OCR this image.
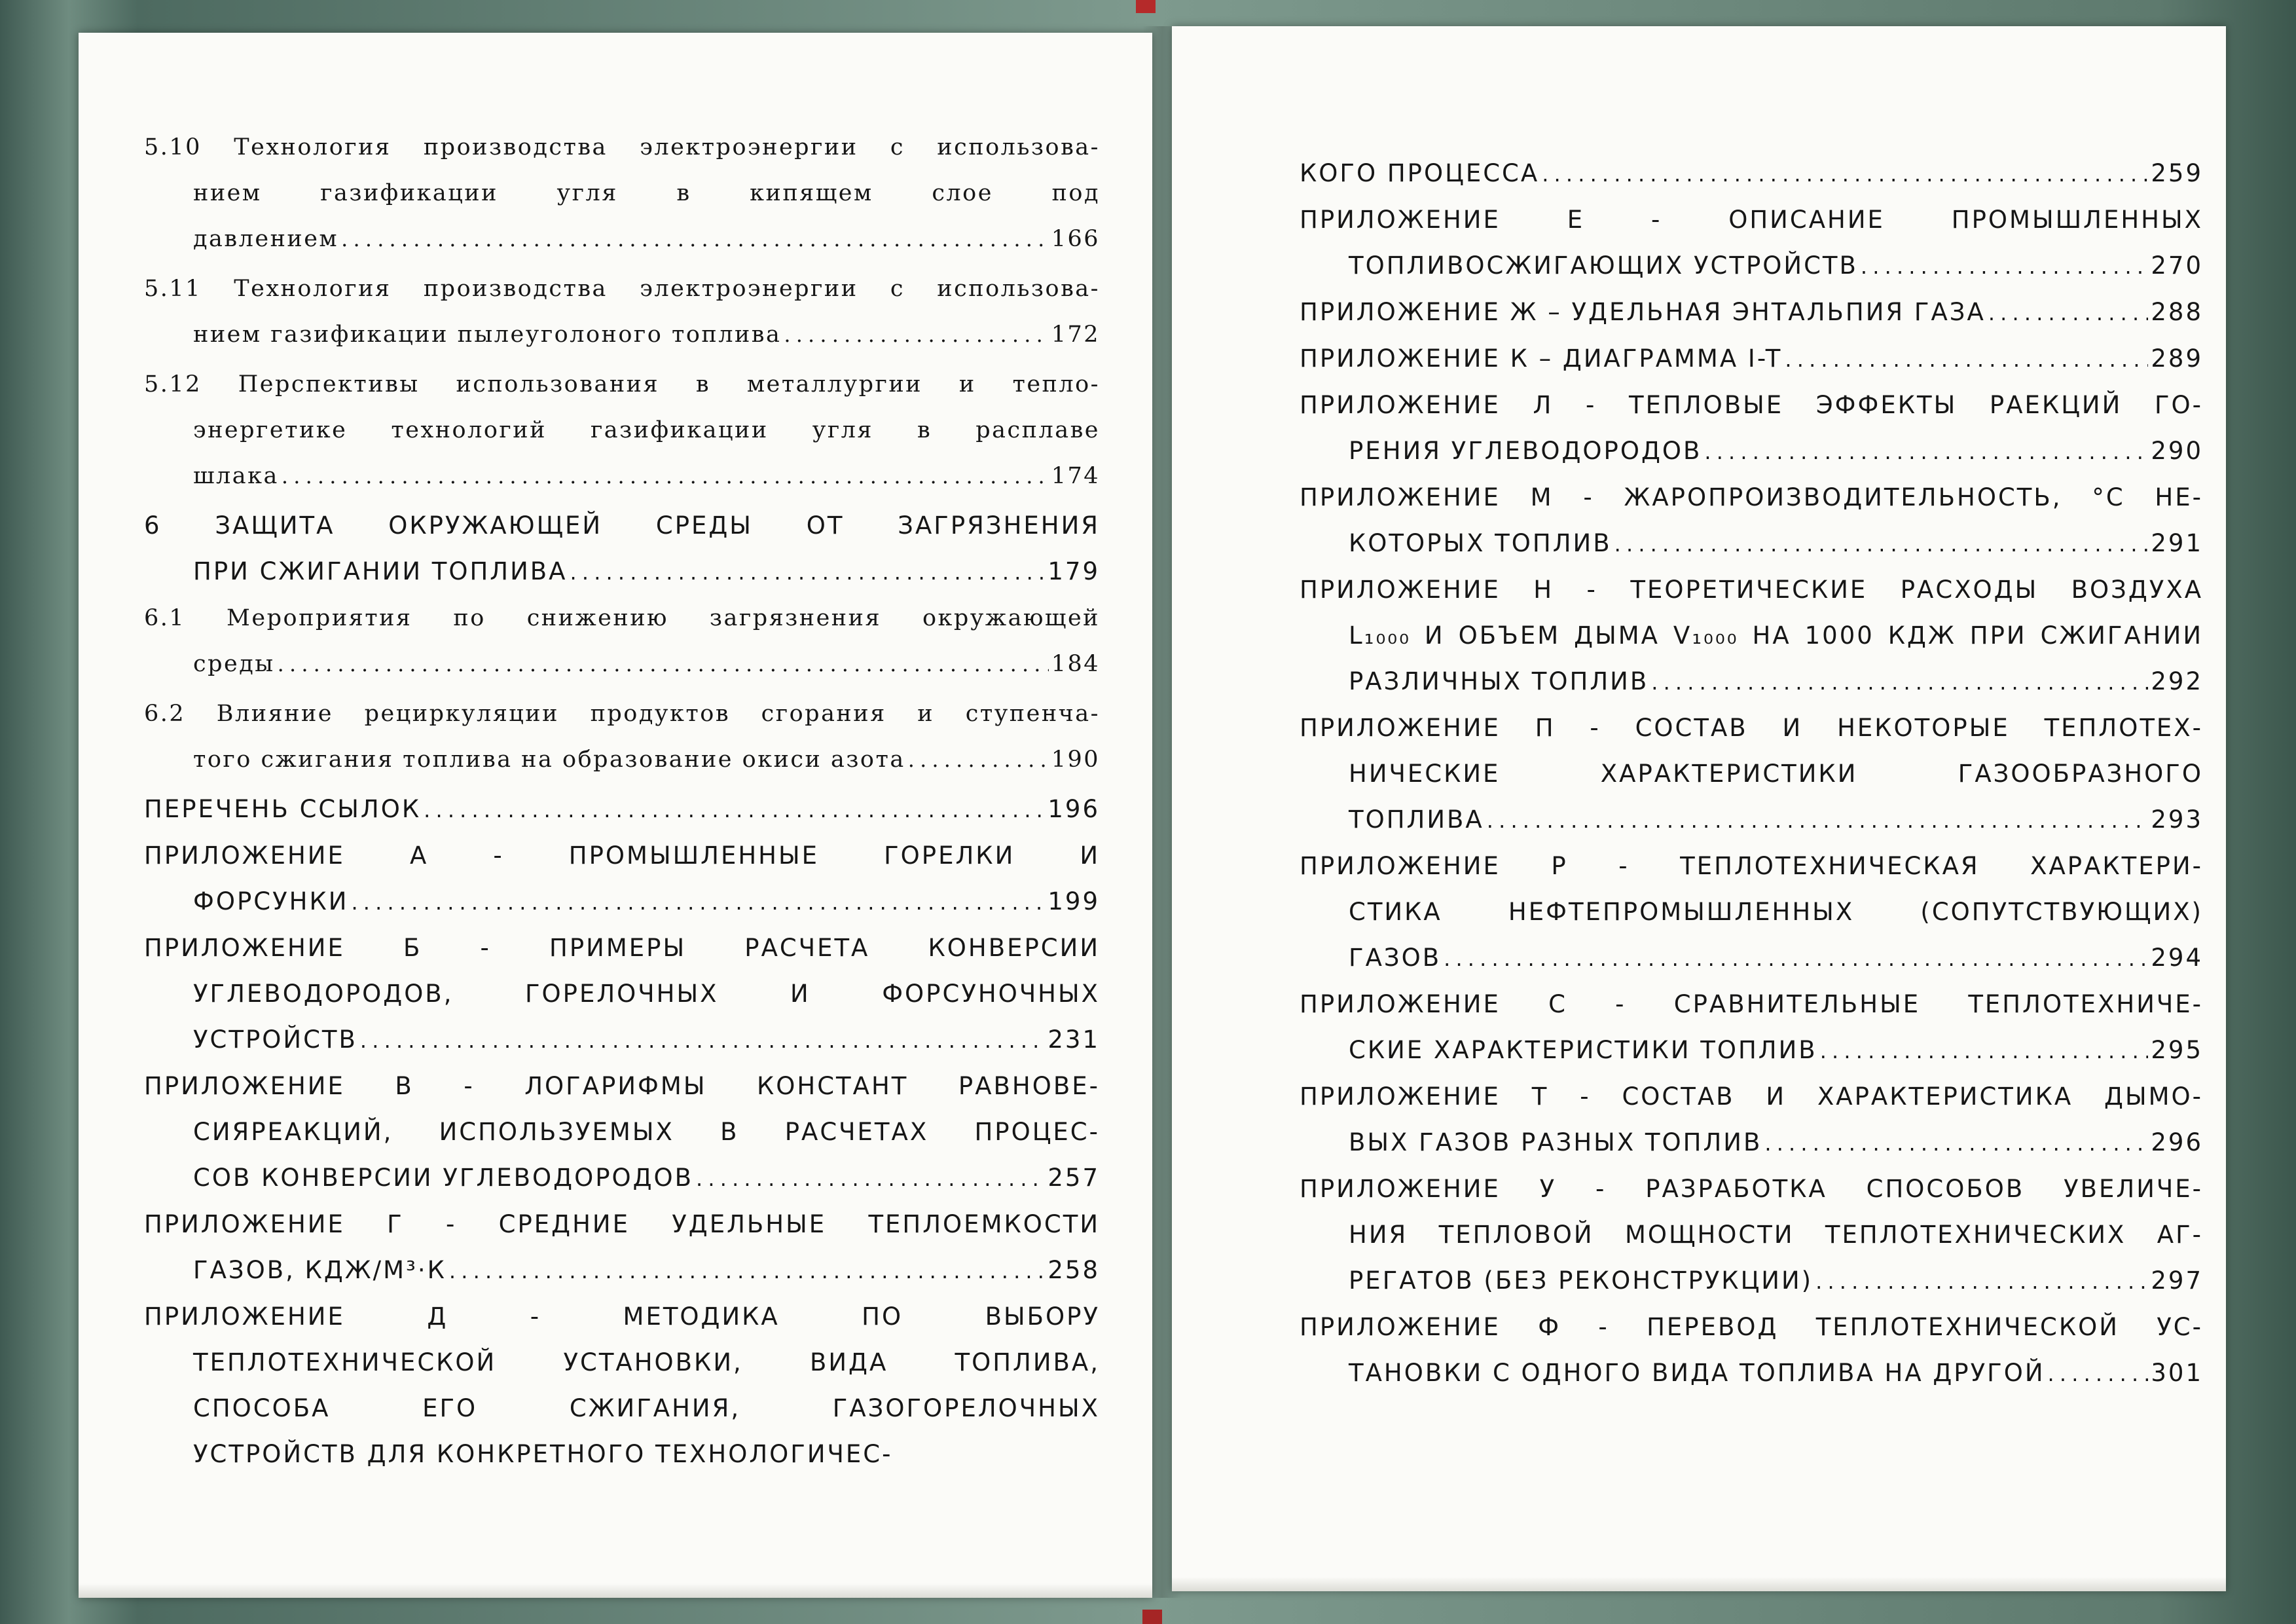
5.10 Технология производства электроэнергии с использова-
нием газификации угля в кипящем слое под
давлением . . .	166
5.11 Технология производства электроэнергии с использова-
нием газификации пылеуголоного топлива . . .	172
5.12 Перспективы использования в металлургии и тепло-
энергетике технологий газификации угля в расплаве
шлака . . .	174
6 ЗАЩИТА ОКРУЖАЮЩЕЙ СРЕДЫ ОТ ЗАГРЯЗНЕНИЯ
ПРИ СЖИГАНИИ ТОПЛИВА . . .	179
6.1 Мероприятия по снижению загрязнения окружающей
среды . . .	184
6.2 Влияние рециркуляции продуктов сгорания и ступенча-
того сжигания топлива на образование окиси азота . . .	190
ПЕРЕЧЕНЬ ССЫЛОК . . .	196
ПРИЛОЖЕНИЕ А - ПРОМЫШЛЕННЫЕ ГОРЕЛКИ И
ФОРСУНКИ . . .	199
ПРИЛОЖЕНИЕ Б - ПРИМЕРЫ РАСЧЕТА КОНВЕРСИИ
УГЛЕВОДОРОДОВ, ГОРЕЛОЧНЫХ И ФОРСУНОЧНЫХ
УСТРОЙСТВ . . .	231
ПРИЛОЖЕНИЕ В - ЛОГАРИФМЫ КОНСТАНТ РАВНОВЕ-
СИЯРЕАКЦИЙ, ИСПОЛЬЗУЕМЫХ В РАСЧЕТАХ ПРОЦЕС-
СОВ КОНВЕРСИИ УГЛЕВОДОРОДОВ . . .	257
ПРИЛОЖЕНИЕ Г - СРЕДНИЕ УДЕЛЬНЫЕ ТЕПЛОЕМКОСТИ
ГАЗОВ, КДЖ/М³·К . . .	258
ПРИЛОЖЕНИЕ Д - МЕТОДИКА ПО ВЫБОРУ
ТЕПЛОТЕХНИЧЕСКОЙ УСТАНОВКИ, ВИДА ТОПЛИВА,
СПОСОБА ЕГО СЖИГАНИЯ, ГАЗОГОРЕЛОЧНЫХ
УСТРОЙСТВ ДЛЯ КОНКРЕТНОГО ТЕХНОЛОГИЧЕС-
КОГО ПРОЦЕССА . . .	259
ПРИЛОЖЕНИЕ Е - ОПИСАНИЕ ПРОМЫШЛЕННЫХ
ТОПЛИВОСЖИГАЮЩИХ УСТРОЙСТВ . . .	270
ПРИЛОЖЕНИЕ Ж – УДЕЛЬНАЯ ЭНТАЛЬПИЯ ГАЗА . . .	288
ПРИЛОЖЕНИЕ К – ДИАГРАММА I-T . . .	289
ПРИЛОЖЕНИЕ Л - ТЕПЛОВЫЕ ЭФФЕКТЫ РАЕКЦИЙ ГО-
РЕНИЯ УГЛЕВОДОРОДОВ . . .	290
ПРИЛОЖЕНИЕ М - ЖАРОПРОИЗВОДИТЕЛЬНОСТЬ, °С НЕ-
КОТОРЫХ ТОПЛИВ . . .	291
ПРИЛОЖЕНИЕ Н - ТЕОРЕТИЧЕСКИЕ РАСХОДЫ ВОЗДУХА
L₁₀₀₀ И ОБЪЕМ ДЫМА V₁₀₀₀ НА 1000 КДЖ ПРИ СЖИГАНИИ
РАЗЛИЧНЫХ ТОПЛИВ . . .	292
ПРИЛОЖЕНИЕ П - СОСТАВ И НЕКОТОРЫЕ ТЕПЛОТЕХ-
НИЧЕСКИЕ ХАРАКТЕРИСТИКИ ГАЗООБРАЗНОГО
ТОПЛИВА . . .	293
ПРИЛОЖЕНИЕ Р - ТЕПЛОТЕХНИЧЕСКАЯ ХАРАКТЕРИ-
СТИКА НЕФТЕПРОМЫШЛЕННЫХ (СОПУТСТВУЮЩИХ)
ГАЗОВ . . .	294
ПРИЛОЖЕНИЕ С - СРАВНИТЕЛЬНЫЕ ТЕПЛОТЕХНИЧЕ-
СКИЕ ХАРАКТЕРИСТИКИ ТОПЛИВ . . .	295
ПРИЛОЖЕНИЕ Т - СОСТАВ И ХАРАКТЕРИСТИКА ДЫМО-
ВЫХ ГАЗОВ РАЗНЫХ ТОПЛИВ . . .	296
ПРИЛОЖЕНИЕ У - РАЗРАБОТКА СПОСОБОВ УВЕЛИЧЕ-
НИЯ ТЕПЛОВОЙ МОЩНОСТИ ТЕПЛОТЕХНИЧЕСКИХ АГ-
РЕГАТОВ (БЕЗ РЕКОНСТРУКЦИИ) . . .	297
ПРИЛОЖЕНИЕ Ф - ПЕРЕВОД ТЕПЛОТЕХНИЧЕСКОЙ УС-
ТАНОВКИ С ОДНОГО ВИДА ТОПЛИВА НА ДРУГОЙ . . .	301
